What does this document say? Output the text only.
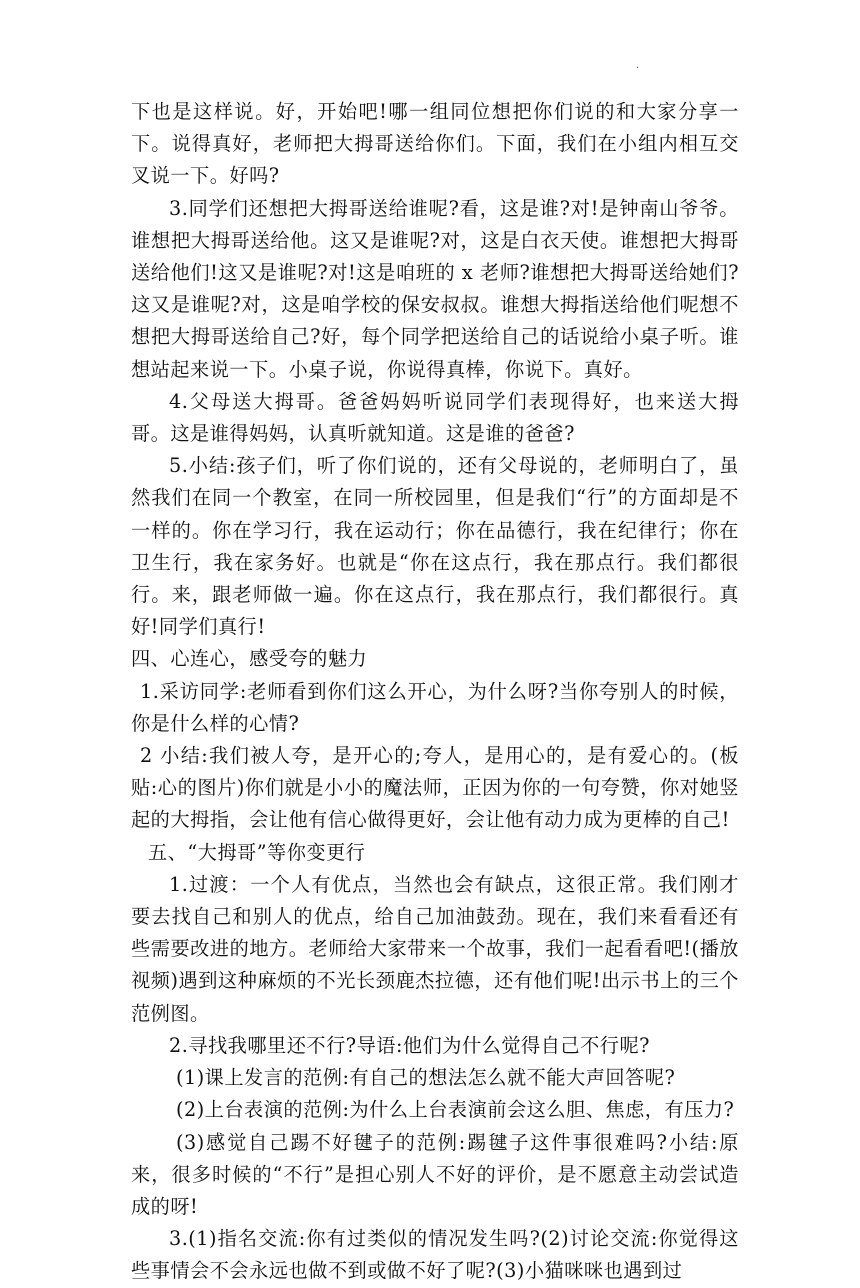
.

下也是这样说。好，开始吧!哪一组同位想把你们说的和大家分享一下。说得真好，老师把大拇哥送给你们。下面，我们在小组内相互交叉说一下。好吗?

3.同学们还想把大拇哥送给谁呢?看，这是谁?对!是钟南山爷爷。谁想把大拇哥送给他。这又是谁呢?对，这是白衣天使。谁想把大拇哥送给他们!这又是谁呢?对!这是咱班的 x 老师?谁想把大拇哥送给她们?这又是谁呢?对，这是咱学校的保安叔叔。谁想大拇指送给他们呢想不想把大拇哥送给自己?好，每个同学把送给自己的话说给小桌子听。谁想站起来说一下。小桌子说，你说得真棒，你说下。真好。

4.父母送大拇哥。爸爸妈妈听说同学们表现得好，也来送大拇哥。这是谁得妈妈，认真听就知道。这是谁的爸爸?

5.小结:孩子们，听了你们说的，还有父母说的，老师明白了，虽然我们在同一个教室，在同一所校园里，但是我们“行”的方面却是不一样的。你在学习行，我在运动行；你在品德行，我在纪律行；你在卫生行，我在家务好。也就是“你在这点行，我在那点行。我们都很行。来，跟老师做一遍。你在这点行，我在那点行，我们都很行。真好!同学们真行!

四、心连心，感受夸的魅力

1.采访同学:老师看到你们这么开心，为什么呀?当你夸别人的时候，你是什么样的心情?

2 小结:我们被人夸，是开心的;夸人，是用心的，是有爱心的。(板贴:心的图片)你们就是小小的魔法师，正因为你的一句夸赞，你对她竖起的大拇指，会让他有信心做得更好，会让他有动力成为更棒的自己!

五、“大拇哥”等你变更行

1.过渡：一个人有优点，当然也会有缺点，这很正常。我们刚才要去找自己和别人的优点，给自己加油鼓劲。现在，我们来看看还有些需要改进的地方。老师给大家带来一个故事，我们一起看看吧!(播放视频)遇到这种麻烦的不光长颈鹿杰拉德，还有他们呢!出示书上的三个范例图。

2.寻找我哪里还不行?导语:他们为什么觉得自己不行呢?

(1)课上发言的范例:有自己的想法怎么就不能大声回答呢?

(2)上台表演的范例:为什么上台表演前会这么胆、焦虑，有压力?

(3)感觉自己踢不好毽子的范例:踢毽子这件事很难吗?小结:原来，很多时候的“不行”是担心别人不好的评价，是不愿意主动尝试造成的呀!

3.(1)指名交流:你有过类似的情况发生吗?(2)讨论交流:你觉得这些事情会不会永远也做不到或做不好了呢?(3)小猫咪咪也遇到过
